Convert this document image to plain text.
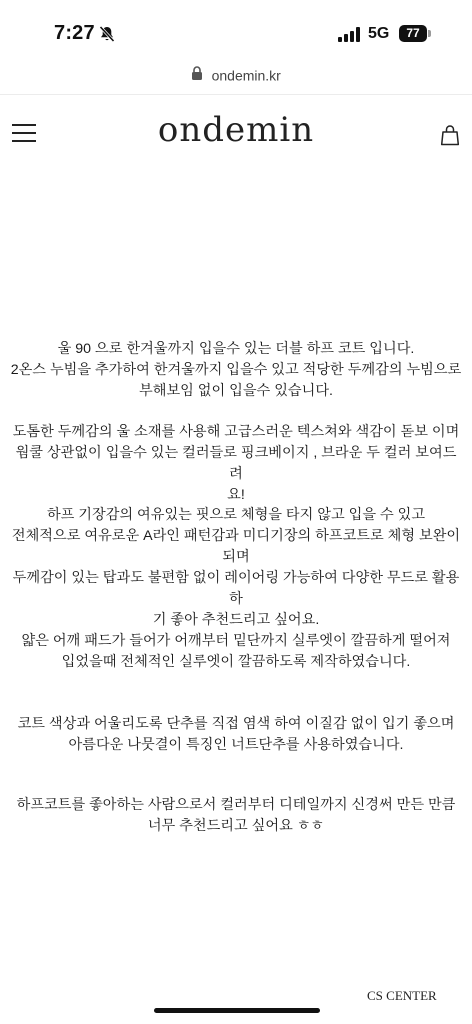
7:27	5G	77
ondemin.kr
ondemin
울 90 으로 한겨울까지 입을수 있는 더블 하프 코트 입니다.
2온스 누빔을 추가하여 한겨울까지 입을수 있고 적당한 두께감의 누빔으로
부해보임 없이 입을수 있습니다.
도톰한 두께감의 울 소재를 사용해 고급스러운 텍스쳐와 색감이 돋보 이며
웜쿨 상관없이 입을수 있는 컬러들로 핑크베이지 , 브라운 두 컬러 보여드려
요!
하프 기장감의 여유있는 핏으로 체형을 타지 않고 입을 수 있고
전체적으로 여유로운 A라인 패턴감과 미디기장의 하프코트로 체형 보완이
되며
두께감이 있는 탑과도 불편함 없이 레이어링 가능하여 다양한 무드로 활용하
기 좋아 추천드리고 싶어요.
얇은 어깨 패드가 들어가 어깨부터 밑단까지 실루엣이 깔끔하게 떨어져
입었을때 전체적인 실루엣이 깔끔하도록 제작하였습니다.
코트 색상과 어울리도록 단추를 직접 염색 하여 이질감 없이 입기 좋으며
아름다운 나뭇결이 특징인 너트단추를 사용하였습니다.
하프코트를 좋아하는 사람으로서 컬러부터 디테일까지 신경써 만든 만큼
너무 추천드리고 싶어요 ㅎㅎ
CS CENTER
